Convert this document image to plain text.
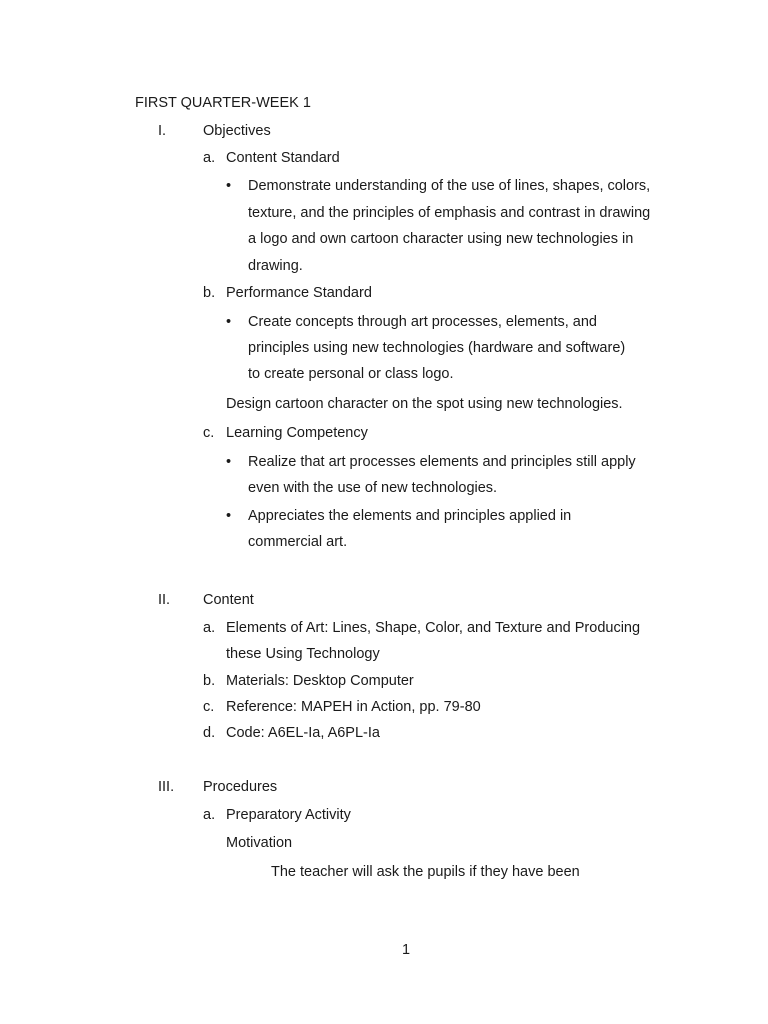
FIRST QUARTER-WEEK 1
I.	Objectives
a. Content Standard
• Demonstrate understanding of the use of lines, shapes, colors,
texture, and the principles of emphasis and contrast in drawing
a logo and own cartoon character using new technologies in
drawing.
b. Performance Standard
• Create concepts through art processes, elements, and
principles using new technologies (hardware and software)
to create personal or class logo.
Design cartoon character on the spot using new technologies.
c. Learning Competency
• Realize that art processes elements and principles still apply
even with the use of new technologies.
• Appreciates the elements and principles applied in
commercial art.
II. Content
a. Elements of Art: Lines, Shape, Color, and Texture and Producing
these Using Technology
b. Materials: Desktop Computer
c. Reference: MAPEH in Action, pp. 79-80
d. Code: A6EL-Ia, A6PL-Ia
III. Procedures
a. Preparatory Activity
Motivation
The teacher will ask the pupils if they have been
1
